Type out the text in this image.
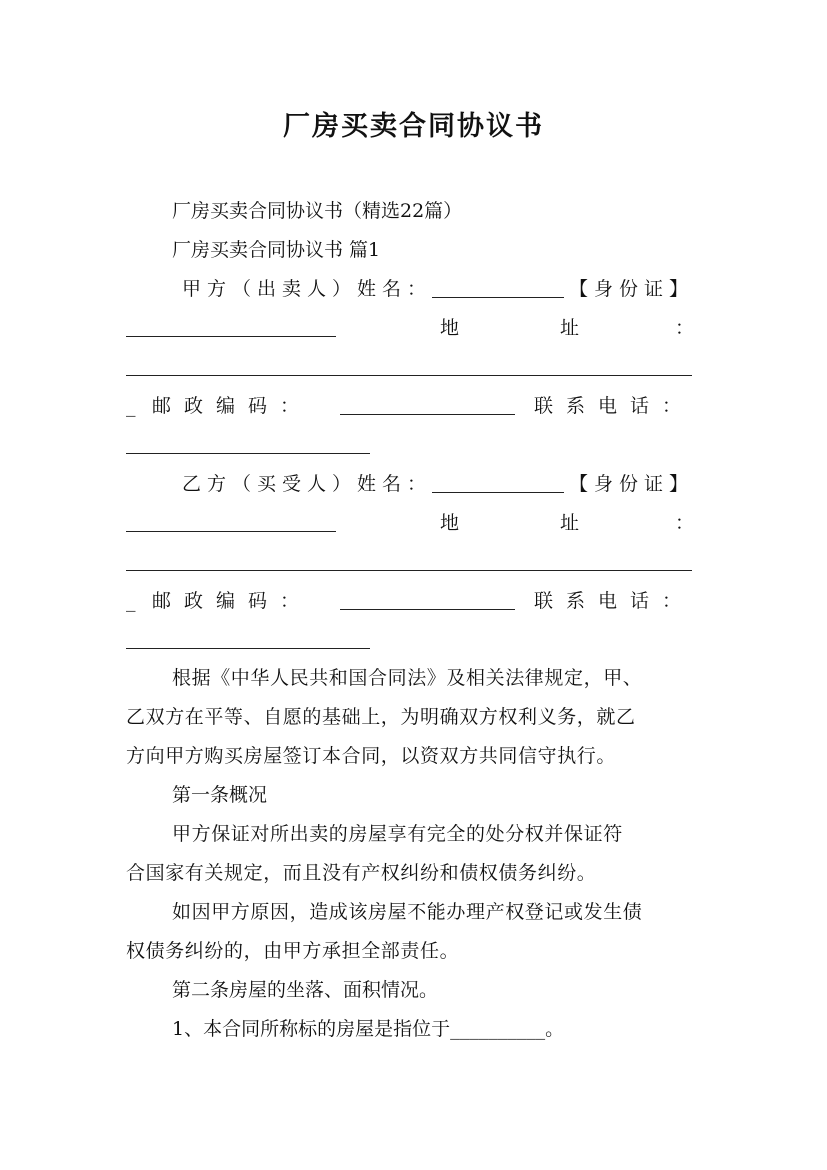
厂房买卖合同协议书
厂房买卖合同协议书（精选22篇）
厂房买卖合同协议书 篇1
甲方（出卖人）姓名：	【身份证】
地	址	：
_ 邮政编码：	联系电话：
乙方（买受人）姓名：	【身份证】
地	址	：
_ 邮政编码：	联系电话：
根据《中华人民共和国合同法》及相关法律规定，甲、
乙双方在平等、自愿的基础上，为明确双方权利义务，就乙
方向甲方购买房屋签订本合同，以资双方共同信守执行。
第一条概况
甲方保证对所出卖的房屋享有完全的处分权并保证符
合国家有关规定，而且没有产权纠纷和债权债务纠纷。
如因甲方原因，造成该房屋不能办理产权登记或发生债
权债务纠纷的，由甲方承担全部责任。
第二条房屋的坐落、面积情况。
1、本合同所称标的房屋是指位于__________。
